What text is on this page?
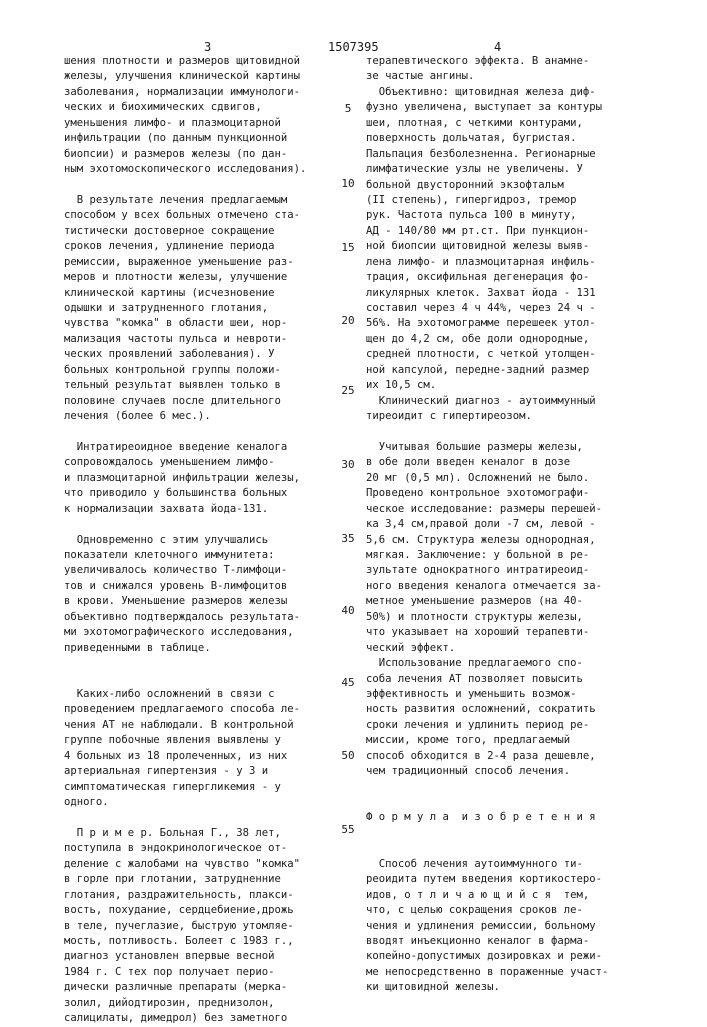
3	1507395	4
шения плотности и размеров щитовидной
железы, улучшения клинической картины
заболевания, нормализации иммунологи-
ческих и биохимических сдвигов,
уменьшения лимфо- и плазмоцитарной
инфильтрации (по данным пункционной
биопсии) и размеров железы (по дан-
ным эхотомоскопического исследования).
В результате лечения предлагаемым
способом у всех больных отмечено ста-
тистически достоверное сокращение
сроков лечения, удлинение периода
ремиссии, выраженное уменьшение раз-
меров и плотности железы, улучшение
клинической картины (исчезновение
одышки и затрудненного глотания,
чувства "комка" в области шеи, нор-
мализация частоты пульса и невроти-
ческих проявлений заболевания). У
больных контрольной группы положи-
тельный результат выявлен только в
половине случаев после длительного
лечения (более 6 мес.).
Интратиреоидное введение кеналога
сопровождалось уменьшением лимфо-
и плазмоцитарной инфильтрации железы,
что приводило у большинства больных
к нормализации захвата йода-131.
Одновременно с этим улучшались
показатели клеточного иммунитета:
увеличивалось количество Т-лимфоци-
тов и снижался уровень В-лимфоцитов
в крови. Уменьшение размеров железы
объективно подтверждалось результата-
ми эхотомографического исследования,
приведенными в таблице.
Каких-либо осложнений в связи с
проведением предлагаемого способа ле-
чения АТ не наблюдали. В контрольной
группе побочные явления выявлены у
4 больных из 18 пролеченных, из них
артериальная гипертензия - у 3 и
симптоматическая гипергликемия - у
одного.
П р и м е р. Больная Г., 38 лет,
поступила в эндокринологическое от-
деление с жалобами на чувство "комка"
в горле при глотании, затрудненние
глотания, раздражительность, плакси-
вость, похудание, сердцебиение,дрожь
в теле, пучеглазие, быструю утомляе-
мость, потливость. Болеет с 1983 г.,
диагноз установлен впервые весной
1984 г. С тех пор получает перио-
дически различные препараты (мерка-
золил, дийодтирозин, преднизолон,
салицилаты, димедрол) без заметного
терапевтического эффекта. В анамне-
зе частые ангины.
Объективно: щитовидная железа диф-
фузно увеличена, выступает за контуры
шеи, плотная, с четкими контурами,
поверхность дольчатая, бугристая.
Пальпация безболезненна. Регионарные
лимфатические узлы не увеличены. У
больной двусторонний экзофтальм
(II степень), гипергидроз, тремор
рук. Частота пульса 100 в минуту,
АД - 140/80 мм рт.ст. При пункцион-
ной биопсии щитовидной железы выяв-
лена лимфо- и плазмоцитарная инфиль-
трация, оксифильная дегенерация фо-
ликулярных клеток. Захват йода - 131
составил через 4 ч 44%, через 24 ч -
56%. На эхотомограмме перешеек утол-
щен до 4,2 см, обе доли однородные,
средней плотности, с четкой утолщен-
ной капсулой, передне-задний размер
их 10,5 см.
Клинический диагноз - аутоиммунный
тиреоидит с гипертиреозом.
Учитывая большие размеры железы,
в обе доли введен кеналог в дозе
20 мг (0,5 мл). Осложнений не было.
Проведено контрольное эхотомографи-
ческое исследование: размеры перешей-
ка 3,4 см,правой доли -7 см, левой -
5,6 см. Структура железы однородная,
мягкая. Заключение: у больной в ре-
зультате однократного интратиреоид-
ного введения кеналога отмечается за-
метное уменьшение размеров (на 40-
50%) и плотности структуры железы,
что указывает на хороший терапевти-
ческий эффект.
Использование предлагаемого спо-
соба лечения АТ позволяет повысить
эффективность и уменьшить возмож-
ность развития осложнений, сократить
сроки лечения и удлинить период ре-
миссии, кроме того, предлагаемый
способ обходится в 2-4 раза дешевле,
чем традиционный способ лечения.
Ф о р м у л а  и з о б р е т е н и я
Способ лечения аутоиммунного ти-
реоидита путем введения кортикостеро-
идов, о т л и ч а ю щ и й с я  тем,
что, с целью сокращения сроков ле-
чения и удлинения ремиссии, больному
вводят инъекционно кеналог в фарма-
копейно-допустимых дозировках и режи-
ме непосредственно в пораженные участ-
ки щитовидной железы.
5
10
15
20
25
30
35
40
45
50
55
